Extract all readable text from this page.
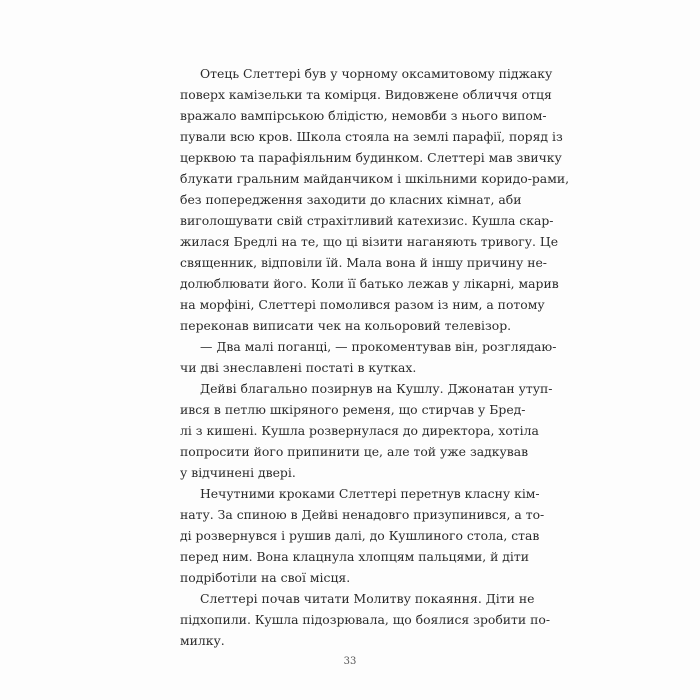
Отець Слеттері був у чорному оксамитовому піджаку
поверх камізельки та комірця. Видовжене обличчя отця
вражало вампірською блідістю, немовби з нього випом-
пували всю кров. Школа стояла на землі парафії, поряд із
церквою та парафіяльним будинком. Слеттері мав звичку
блукати гральним майданчиком і шкільними коридо-рами,
без попередження заходити до класних кімнат, аби
виголошувати свій страхітливий катехизис. Кушла скар-
жилася Бредлі на те, що ці візити наганяють тривогу. Це
священник, відповіли їй. Мала вона й іншу причину не-
долюблювати його. Коли її батько лежав у лікарні, марив
на морфіні, Слеттері помолився разом із ним, а потому
переконав виписати чек на кольоровий телевізор.
— Два малі поганці, — прокоментував він, розглядаю-
чи дві знеславлені постаті в кутках.
Дейві благально позирнув на Кушлу. Джонатан утуп-
ився в петлю шкіряного ременя, що стирчав у Бред-
лі з кишені. Кушла розвернулася до директора, хотіла
попросити його припинити це, але той уже задкував
у відчинені двері.
Нечутними кроками Слеттері перетнув класну кім-
нату. За спиною в Дейві ненадовго призупинився, а то-
ді розвернувся і рушив далі, до Кушлиного стола, став
перед ним. Вона клацнула хлопцям пальцями, й діти
подріботіли на свої місця.
Слеттері почав читати Молитву покаяння. Діти не
підхопили. Кушла підозрювала, що боялися зробити по-
милку.
33
